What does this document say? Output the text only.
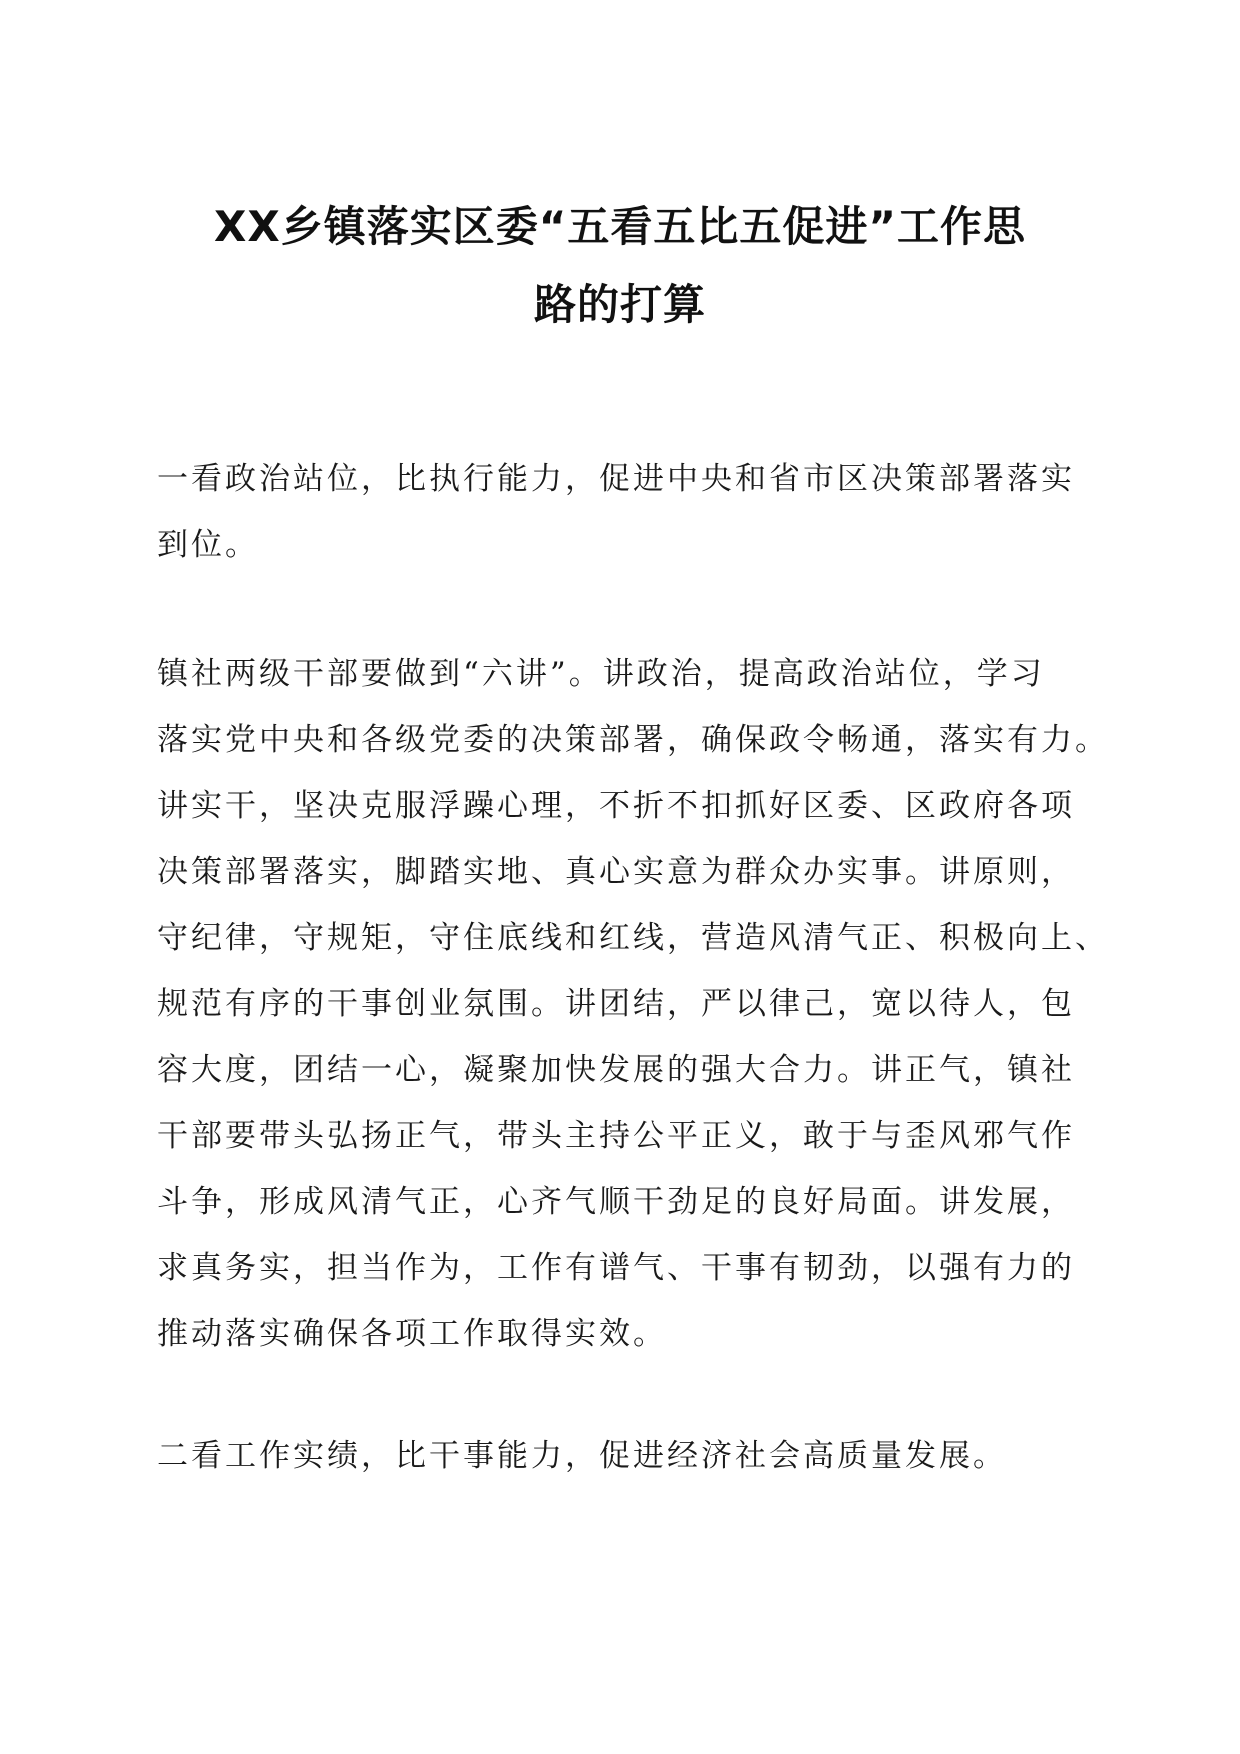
XX乡镇落实区委“五看五比五促进”工作思
路的打算
一看政治站位，比执行能力，促进中央和省市区决策部署落实
到位。
镇社两级干部要做到“六讲”。讲政治，提高政治站位，学习
落实党中央和各级党委的决策部署，确保政令畅通，落实有力。
讲实干，坚决克服浮躁心理，不折不扣抓好区委、区政府各项
决策部署落实，脚踏实地、真心实意为群众办实事。讲原则，
守纪律，守规矩，守住底线和红线，营造风清气正、积极向上、
规范有序的干事创业氛围。讲团结，严以律己，宽以待人，包
容大度，团结一心，凝聚加快发展的强大合力。讲正气，镇社
干部要带头弘扬正气，带头主持公平正义，敢于与歪风邪气作
斗争，形成风清气正，心齐气顺干劲足的良好局面。讲发展，
求真务实，担当作为，工作有谱气、干事有韧劲，以强有力的
推动落实确保各项工作取得实效。
二看工作实绩，比干事能力，促进经济社会高质量发展。
